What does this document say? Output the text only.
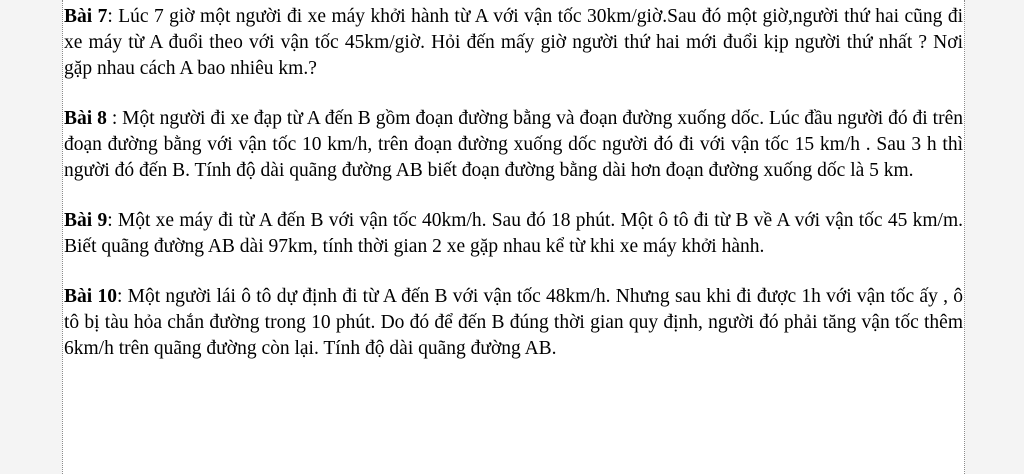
Bài 7: Lúc 7 giờ một người đi xe máy khởi hành từ A với vận tốc 30km/giờ.Sau đó một giờ,người thứ hai cũng đi xe máy từ A đuổi theo với vận tốc 45km/giờ. Hỏi đến mấy giờ người thứ hai mới đuổi kịp người thứ nhất ? Nơi gặp nhau cách A bao nhiêu km.?

Bài 8 : Một người đi xe đạp từ A đến B gồm đoạn đường bằng và đoạn đường xuống dốc. Lúc đầu người đó đi trên đoạn đường bằng với vận tốc 10 km/h, trên đoạn đường xuống dốc người đó đi với vận tốc 15 km/h . Sau 3 h thì người đó đến B. Tính độ dài quãng đường AB biết đoạn đường bằng dài hơn đoạn đường xuống dốc là 5 km.

Bài 9: Một xe máy đi từ A đến B với vận tốc 40km/h. Sau đó 18 phút. Một ô tô đi từ B về A với vận tốc 45 km/m. Biết quãng đường AB dài 97km, tính thời gian 2 xe gặp nhau kể từ khi xe máy khởi hành.

Bài 10: Một người lái ô tô dự định đi từ A đến B với vận tốc 48km/h. Nhưng sau khi đi được 1h với vận tốc ấy , ô tô bị tàu hỏa chắn đường trong 10 phút. Do đó để đến B đúng thời gian quy định, người đó phải tăng vận tốc thêm 6km/h trên quãng đường còn lại. Tính độ dài quãng đường AB.
